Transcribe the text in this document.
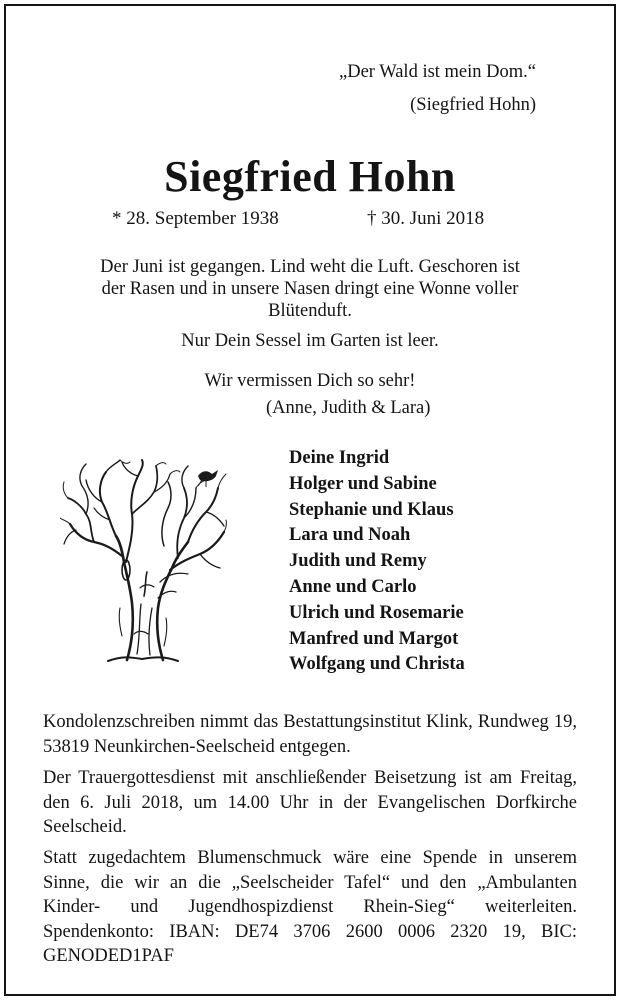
„Der Wald ist mein Dom.“
(Siegfried Hohn)
Siegfried Hohn
* 28. September 1938	† 30. Juni 2018
Der Juni ist gegangen. Lind weht die Luft. Geschoren ist der Rasen und in unsere Nasen dringt eine Wonne voller Blütenduft.
Nur Dein Sessel im Garten ist leer.
Wir vermissen Dich so sehr!
(Anne, Judith & Lara)
Deine Ingrid
Holger und Sabine
Stephanie und Klaus
Lara und Noah
Judith und Remy
Anne und Carlo
Ulrich und Rosemarie
Manfred und Margot
Wolfgang und Christa

Kondolenzschreiben nimmt das Bestattungsinstitut Klink, Rundweg 19, 53819 Neunkirchen-Seelscheid entgegen.

Der Trauergottesdienst mit anschließender Beisetzung ist am Freitag, den 6. Juli 2018, um 14.00 Uhr in der Evangelischen Dorfkirche Seelscheid.

Statt zugedachtem Blumenschmuck wäre eine Spende in unserem Sinne, die wir an die „Seelscheider Tafel“ und den „Ambulanten Kinder- und Jugendhospizdienst Rhein-Sieg“ weiterleiten. Spendenkonto: IBAN: DE74 3706 2600 0006 2320 19, BIC: GENODED1PAF
